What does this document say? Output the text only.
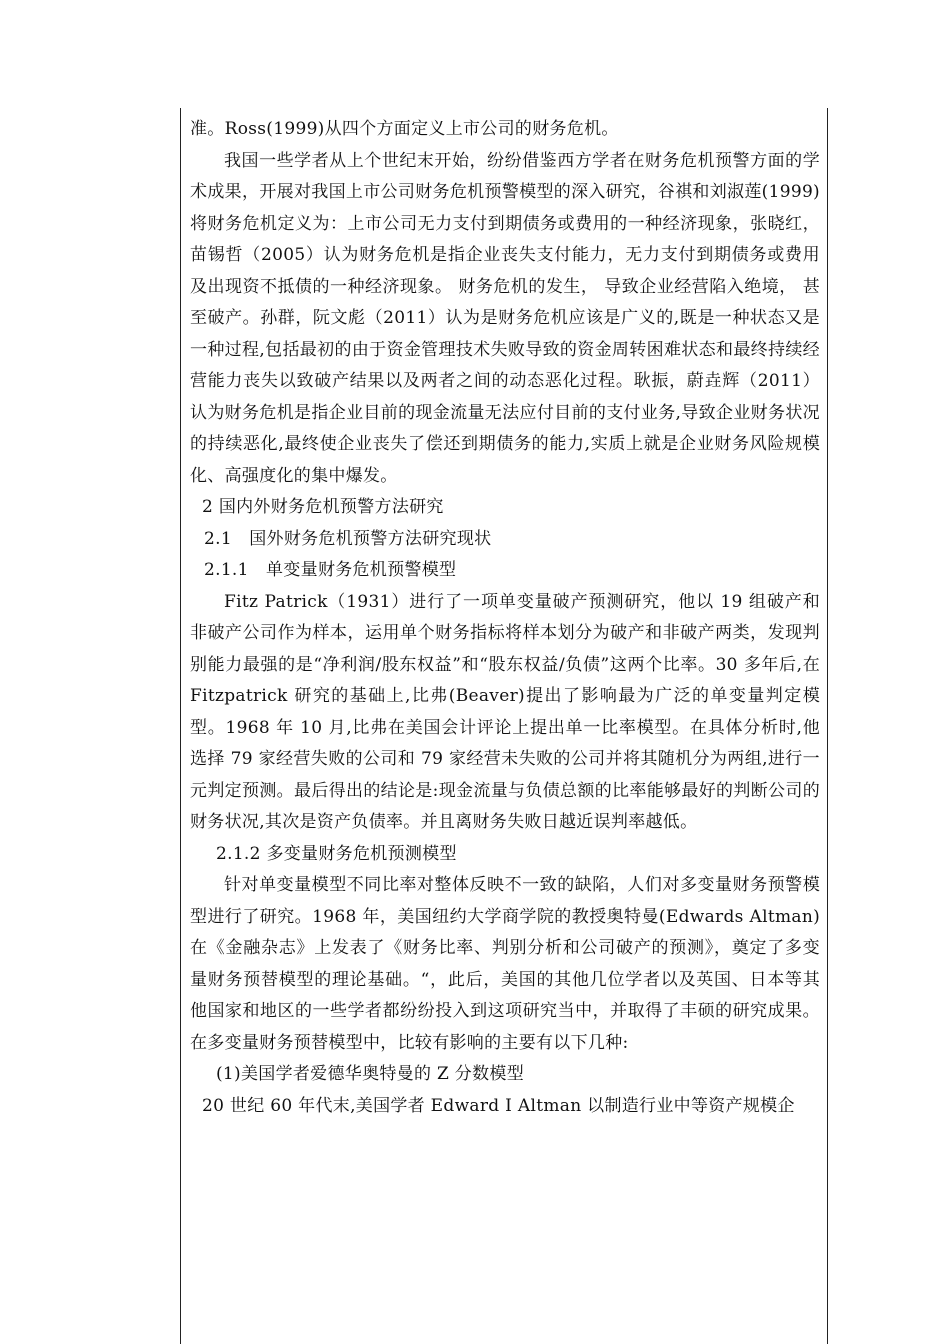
准。Ross(1999)从四个方面定义上市公司的财务危机。

我国一些学者从上个世纪末开始，纷纷借鉴西方学者在财务危机预警方面的学术成果，开展对我国上市公司财务危机预警模型的深入研究，谷祺和刘淑莲(1999)将财务危机定义为：上市公司无力支付到期债务或费用的一种经济现象，张晓红，苗锡哲（2005）认为财务危机是指企业丧失支付能力，无力支付到期债务或费用及出现资不抵债的一种经济现象。 财务危机的发生， 导致企业经营陷入绝境， 甚至破产。孙群，阮文彪（2011）认为是财务危机应该是广义的,既是一种状态又是一种过程,包括最初的由于资金管理技术失败导致的资金周转困难状态和最终持续经营能力丧失以致破产结果以及两者之间的动态恶化过程。耿振，蔚垚辉（2011）认为财务危机是指企业目前的现金流量无法应付目前的支付业务,导致企业财务状况的持续恶化,最终使企业丧失了偿还到期债务的能力,实质上就是企业财务风险规模化、高强度化的集中爆发。

2 国内外财务危机预警方法研究

2.1　国外财务危机预警方法研究现状

2.1.1　单变量财务危机预警模型

Fitz Patrick（1931）进行了一项单变量破产预测研究，他以 19 组破产和非破产公司作为样本，运用单个财务指标将样本划分为破产和非破产两类，发现判别能力最强的是“净利润/股东权益”和“股东权益/负债”这两个比率。30 多年后,在 Fitzpatrick 研究的基础上,比弗(Beaver)提出了影响最为广泛的单变量判定模型。1968 年 10 月,比弗在美国会计评论上提出单一比率模型。在具体分析时,他选择 79 家经营失败的公司和 79 家经营未失败的公司并将其随机分为两组,进行一元判定预测。最后得出的结论是:现金流量与负债总额的比率能够最好的判断公司的财务状况,其次是资产负债率。并且离财务失败日越近误判率越低。

2.1.2 多变量财务危机预测模型

针对单变量模型不同比率对整体反映不一致的缺陷，人们对多变量财务预警模型进行了研究。1968 年，美国纽约大学商学院的教授奥特曼(Edwards Altman)在《金融杂志》上发表了《财务比率、判别分析和公司破产的预测》，奠定了多变量财务预替模型的理论基础。“，此后，美国的其他几位学者以及英国、日本等其他国家和地区的一些学者都纷纷投入到这项研究当中，并取得了丰硕的研究成果。在多变量财务预替模型中，比较有影响的主要有以下几种:

(1)美国学者爱德华奥特曼的 Z 分数模型

20 世纪 60 年代末,美国学者 Edward I Altman 以制造行业中等资产规模企
